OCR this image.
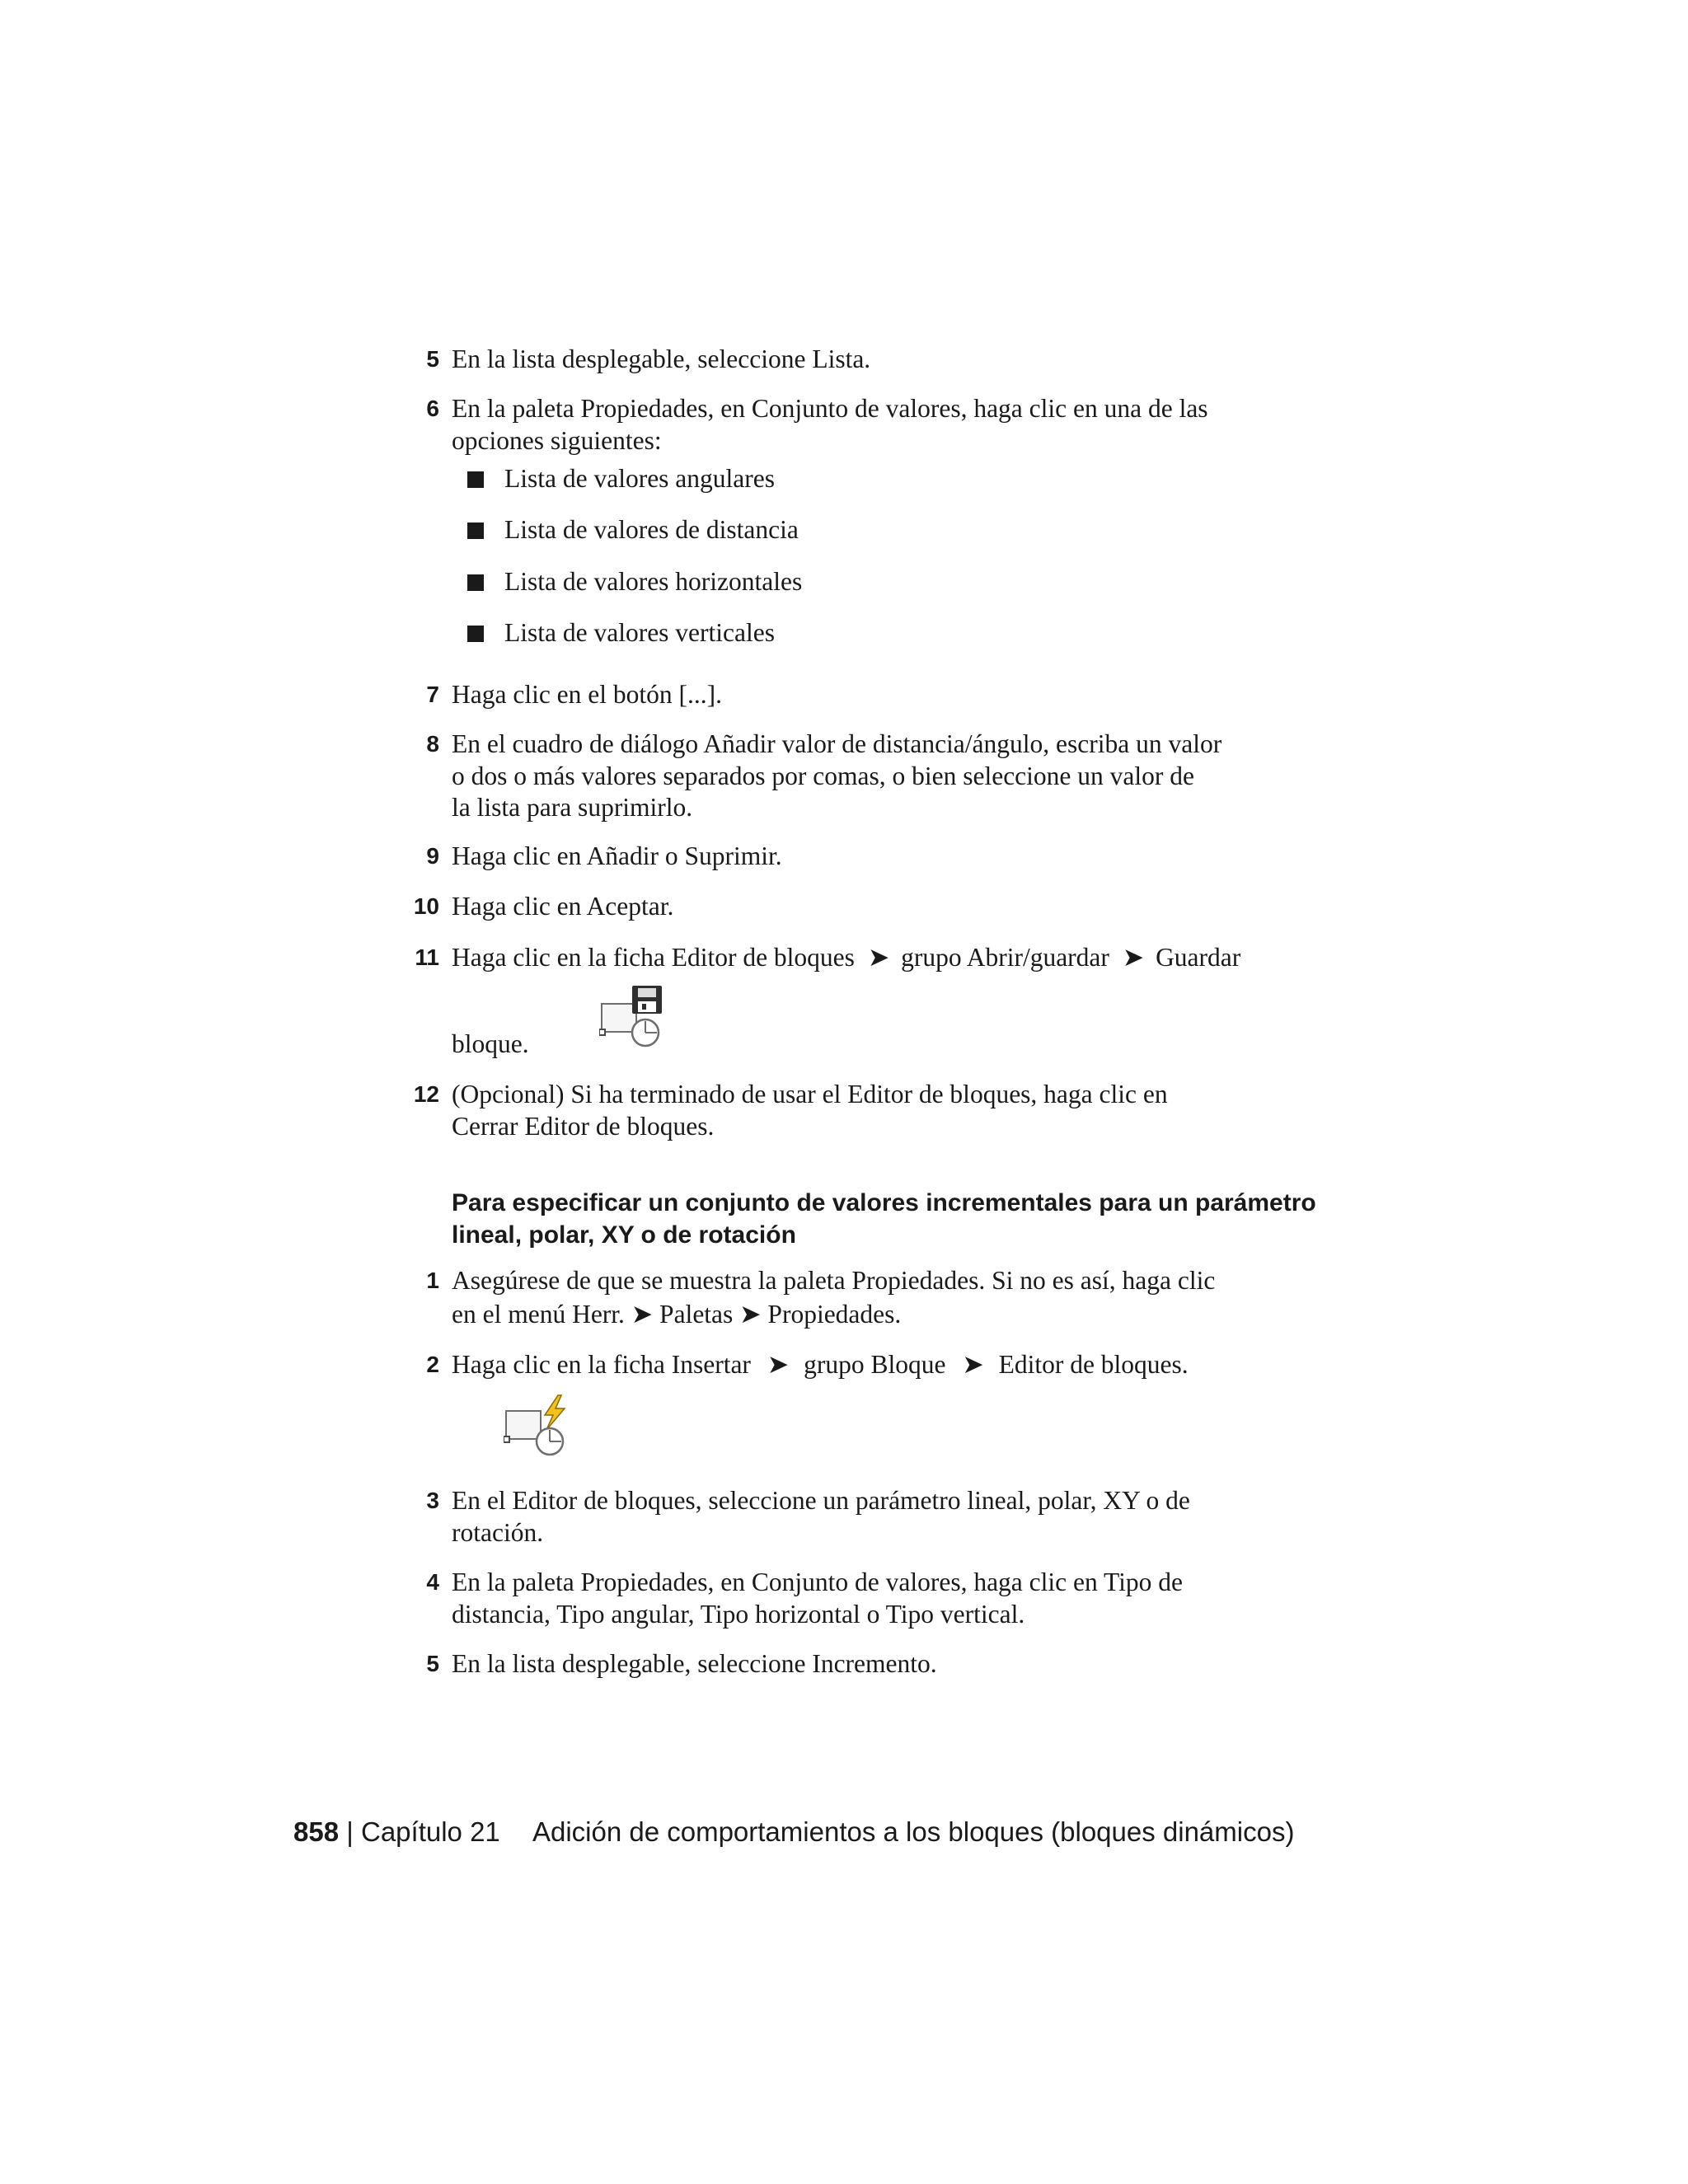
5 En la lista desplegable, seleccione Lista.
6 En la paleta Propiedades, en Conjunto de valores, haga clic en una de las
opciones siguientes:
Lista de valores angulares
Lista de valores de distancia
Lista de valores horizontales
Lista de valores verticales
7 Haga clic en el botón [...].
8 En el cuadro de diálogo Añadir valor de distancia/ángulo, escriba un valor
o dos o más valores separados por comas, o bien seleccione un valor de
la lista para suprimirlo.
9 Haga clic en Añadir o Suprimir.
10 Haga clic en Aceptar.
11 Haga clic en la ficha Editor de bloques ➤ grupo Abrir/guardar ➤ Guardar
bloque.
12 (Opcional) Si ha terminado de usar el Editor de bloques, haga clic en
Cerrar Editor de bloques.
Para especificar un conjunto de valores incrementales para un parámetro
lineal, polar, XY o de rotación
1 Asegúrese de que se muestra la paleta Propiedades. Si no es así, haga clic
en el menú Herr. ➤ Paletas ➤ Propiedades.
2 Haga clic en la ficha Insertar ➤ grupo Bloque ➤ Editor de bloques.
3 En el Editor de bloques, seleccione un parámetro lineal, polar, XY o de
rotación.
4 En la paleta Propiedades, en Conjunto de valores, haga clic en Tipo de
distancia, Tipo angular, Tipo horizontal o Tipo vertical.
5 En la lista desplegable, seleccione Incremento.
858 | Capítulo 21 Adición de comportamientos a los bloques (bloques dinámicos)
